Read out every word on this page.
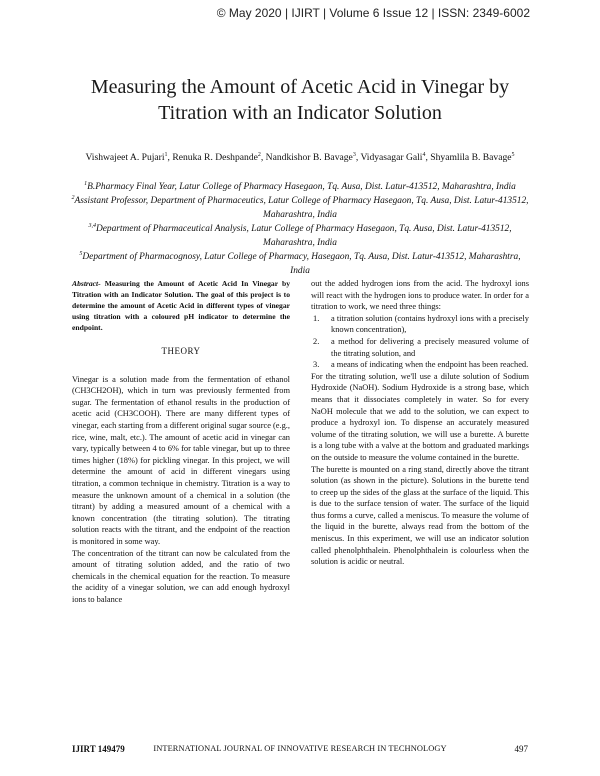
© May 2020 | IJIRT | Volume 6 Issue 12 | ISSN: 2349-6002
Measuring the Amount of Acetic Acid in Vinegar by Titration with an Indicator Solution
Vishwajeet A. Pujari$^1$, Renuka R. Deshpande$^2$, Nandkishor B. Bavage$^3$, Vidyasagar Gali$^4$, Shyamlila B. Bavage$^5$

$^1$B.Pharmacy Final Year, Latur College of Pharmacy Hasegaon, Tq. Ausa, Dist. Latur-413512, Maharashtra, India

$^2$Assistant Professor, Department of Pharmaceutics, Latur College of Pharmacy Hasegaon, Tq. Ausa, Dist. Latur-413512, Maharashtra, India

$^{3,4}$Department of Pharmaceutical Analysis, Latur College of Pharmacy Hasegaon, Tq. Ausa, Dist. Latur-413512, Maharashtra, India

$^5$Department of Pharmacognosy, Latur College of Pharmacy, Hasegaon, Tq. Ausa, Dist. Latur-413512, Maharashtra, India

Abstract- Measuring the Amount of Acetic Acid In Vinegar by Titration with an Indicator Solution. The goal of this project is to determine the amount of Acetic Acid in different types of vinegar using titration with a coloured pH indicator to determine the endpoint.

THEORY

Vinegar is a solution made from the fermentation of ethanol (CH3CH2OH), which in turn was previously fermented from sugar. The fermentation of ethanol results in the production of acetic acid (CH3COOH). There are many different types of vinegar, each starting from a different original sugar source (e.g., rice, wine, malt, etc.). The amount of acetic acid in vinegar can vary, typically between 4 to 6% for table vinegar, but up to three times higher (18%) for pickling vinegar. In this project, we will determine the amount of acid in different vinegars using titration, a common technique in chemistry. Titration is a way to measure the unknown amount of a chemical in a solution (the titrant) by adding a measured amount of a chemical with a known concentration (the titrating solution). The titrating solution reacts with the titrant, and the endpoint of the reaction is monitored in some way.

The concentration of the titrant can now be calculated from the amount of titrating solution added, and the ratio of two chemicals in the chemical equation for the reaction. To measure the acidity of a vinegar solution, we can add enough hydroxyl ions to balance

out the added hydrogen ions from the acid. The hydroxyl ions will react with the hydrogen ions to produce water. In order for a titration to work, we need three things:

1. a titration solution (contains hydroxyl ions with a precisely known concentration),
2. a method for delivering a precisely measured volume of the titrating solution, and
3. a means of indicating when the endpoint has been reached.

For the titrating solution, we'll use a dilute solution of Sodium Hydroxide (NaOH). Sodium Hydroxide is a strong base, which means that it dissociates completely in water. So for every NaOH molecule that we add to the solution, we can expect to produce a hydroxyl ion. To dispense an accurately measured volume of the titrating solution, we will use a burette. A burette is a long tube with a valve at the bottom and graduated markings on the outside to measure the volume contained in the burette.

The burette is mounted on a ring stand, directly above the titrant solution (as shown in the picture). Solutions in the burette tend to creep up the sides of the glass at the surface of the liquid. This is due to the surface tension of water. The surface of the liquid thus forms a curve, called a meniscus. To measure the volume of the liquid in the burette, always read from the bottom of the meniscus. In this experiment, we will use an indicator solution called phenolphthalein. Phenolphthalein is colourless when the solution is acidic or neutral.

IJIRT 149479	INTERNATIONAL JOURNAL OF INNOVATIVE RESEARCH IN TECHNOLOGY	497
